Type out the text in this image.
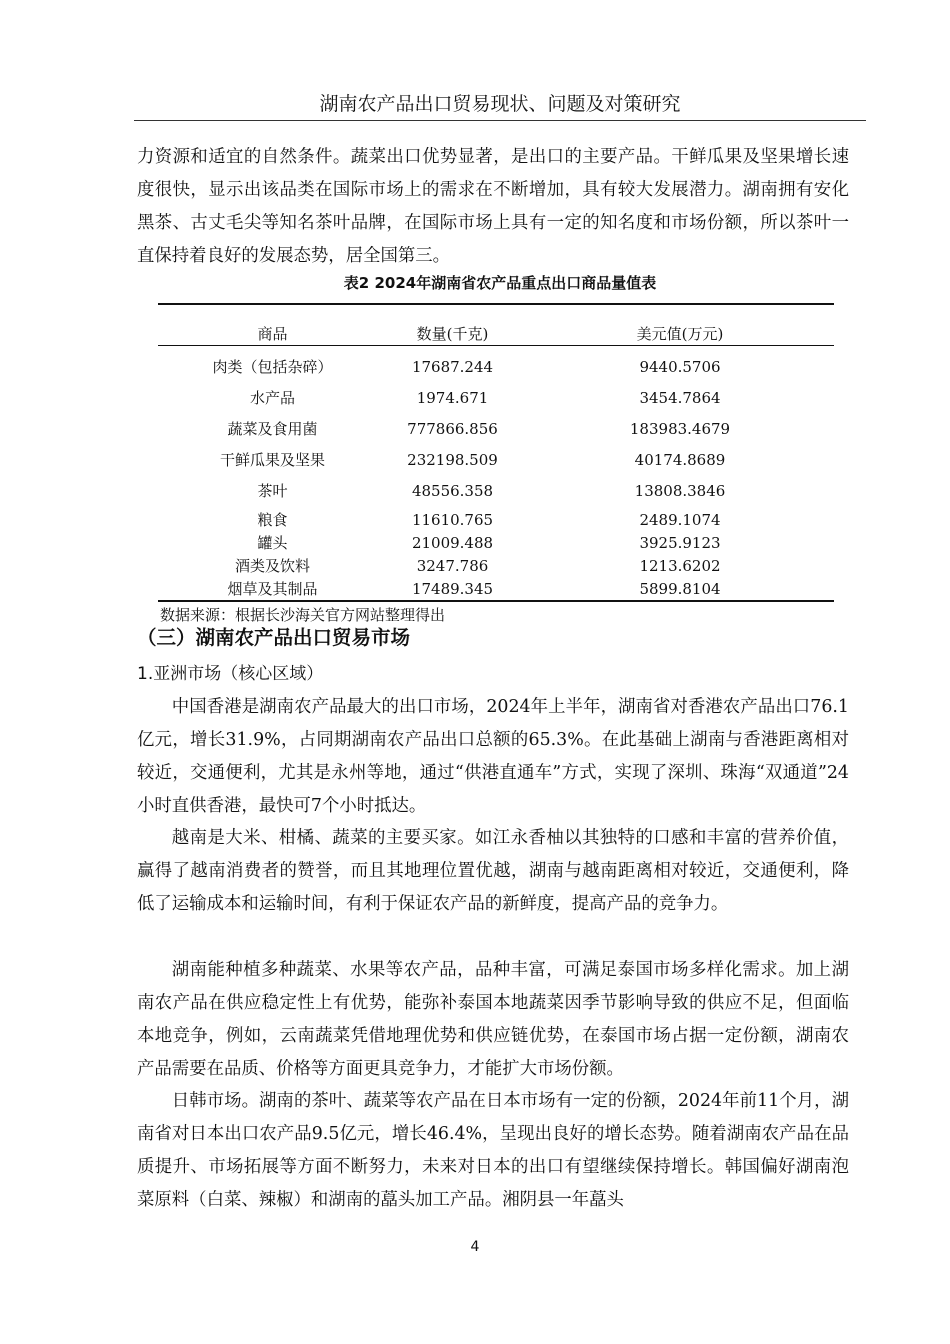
湖南农产品出口贸易现状、问题及对策研究

力资源和适宜的自然条件。蔬菜出口优势显著，是出口的主要产品。干鲜瓜果及坚果增长速度很快，显示出该品类在国际市场上的需求在不断增加，具有较大发展潜力。湖南拥有安化黑茶、古丈毛尖等知名茶叶品牌，在国际市场上具有一定的知名度和市场份额，所以茶叶一直保持着良好的发展态势，居全国第三。

表2 2024年湖南省农产品重点出口商品量值表
商品	数量(千克)	美元值(万元)
肉类（包括杂碎）	17687.244	9440.5706
水产品	1974.671	3454.7864
蔬菜及食用菌	777866.856	183983.4679
干鲜瓜果及坚果	232198.509	40174.8689
茶叶	48556.358	13808.3846
粮食	11610.765	2489.1074
罐头	21009.488	3925.9123
酒类及饮料	3247.786	1213.6202
烟草及其制品	17489.345	5899.8104
数据来源：根据长沙海关官方网站整理得出
（三）湖南农产品出口贸易市场
1.亚洲市场（核心区域）

中国香港是湖南农产品最大的出口市场，2024年上半年，湖南省对香港农产品出口76.1亿元，增长31.9%，占同期湖南农产品出口总额的65.3%。在此基础上湖南与香港距离相对较近，交通便利，尤其是永州等地，通过“供港直通车”方式，实现了深圳、珠海“双通道”24小时直供香港，最快可7个小时抵达。

越南是大米、柑橘、蔬菜的主要买家。如江永香柚以其独特的口感和丰富的营养价值，赢得了越南消费者的赞誉，而且其地理位置优越，湖南与越南距离相对较近，交通便利，降低了运输成本和运输时间，有利于保证农产品的新鲜度，提高产品的竞争力。

湖南能种植多种蔬菜、水果等农产品，品种丰富，可满足泰国市场多样化需求。加上湖南农产品在供应稳定性上有优势，能弥补泰国本地蔬菜因季节影响导致的供应不足，但面临本地竞争，例如，云南蔬菜凭借地理优势和供应链优势，在泰国市场占据一定份额，湖南农产品需要在品质、价格等方面更具竞争力，才能扩大市场份额。

日韩市场。湖南的茶叶、蔬菜等农产品在日本市场有一定的份额，2024年前11个月，湖南省对日本出口农产品9.5亿元，增长46.4%，呈现出良好的增长态势。随着湖南农产品在品质提升、市场拓展等方面不断努力，未来对日本的出口有望继续保持增长。韩国偏好湖南泡菜原料（白菜、辣椒）和湖南的藠头加工产品。湘阴县一年藠头

4
